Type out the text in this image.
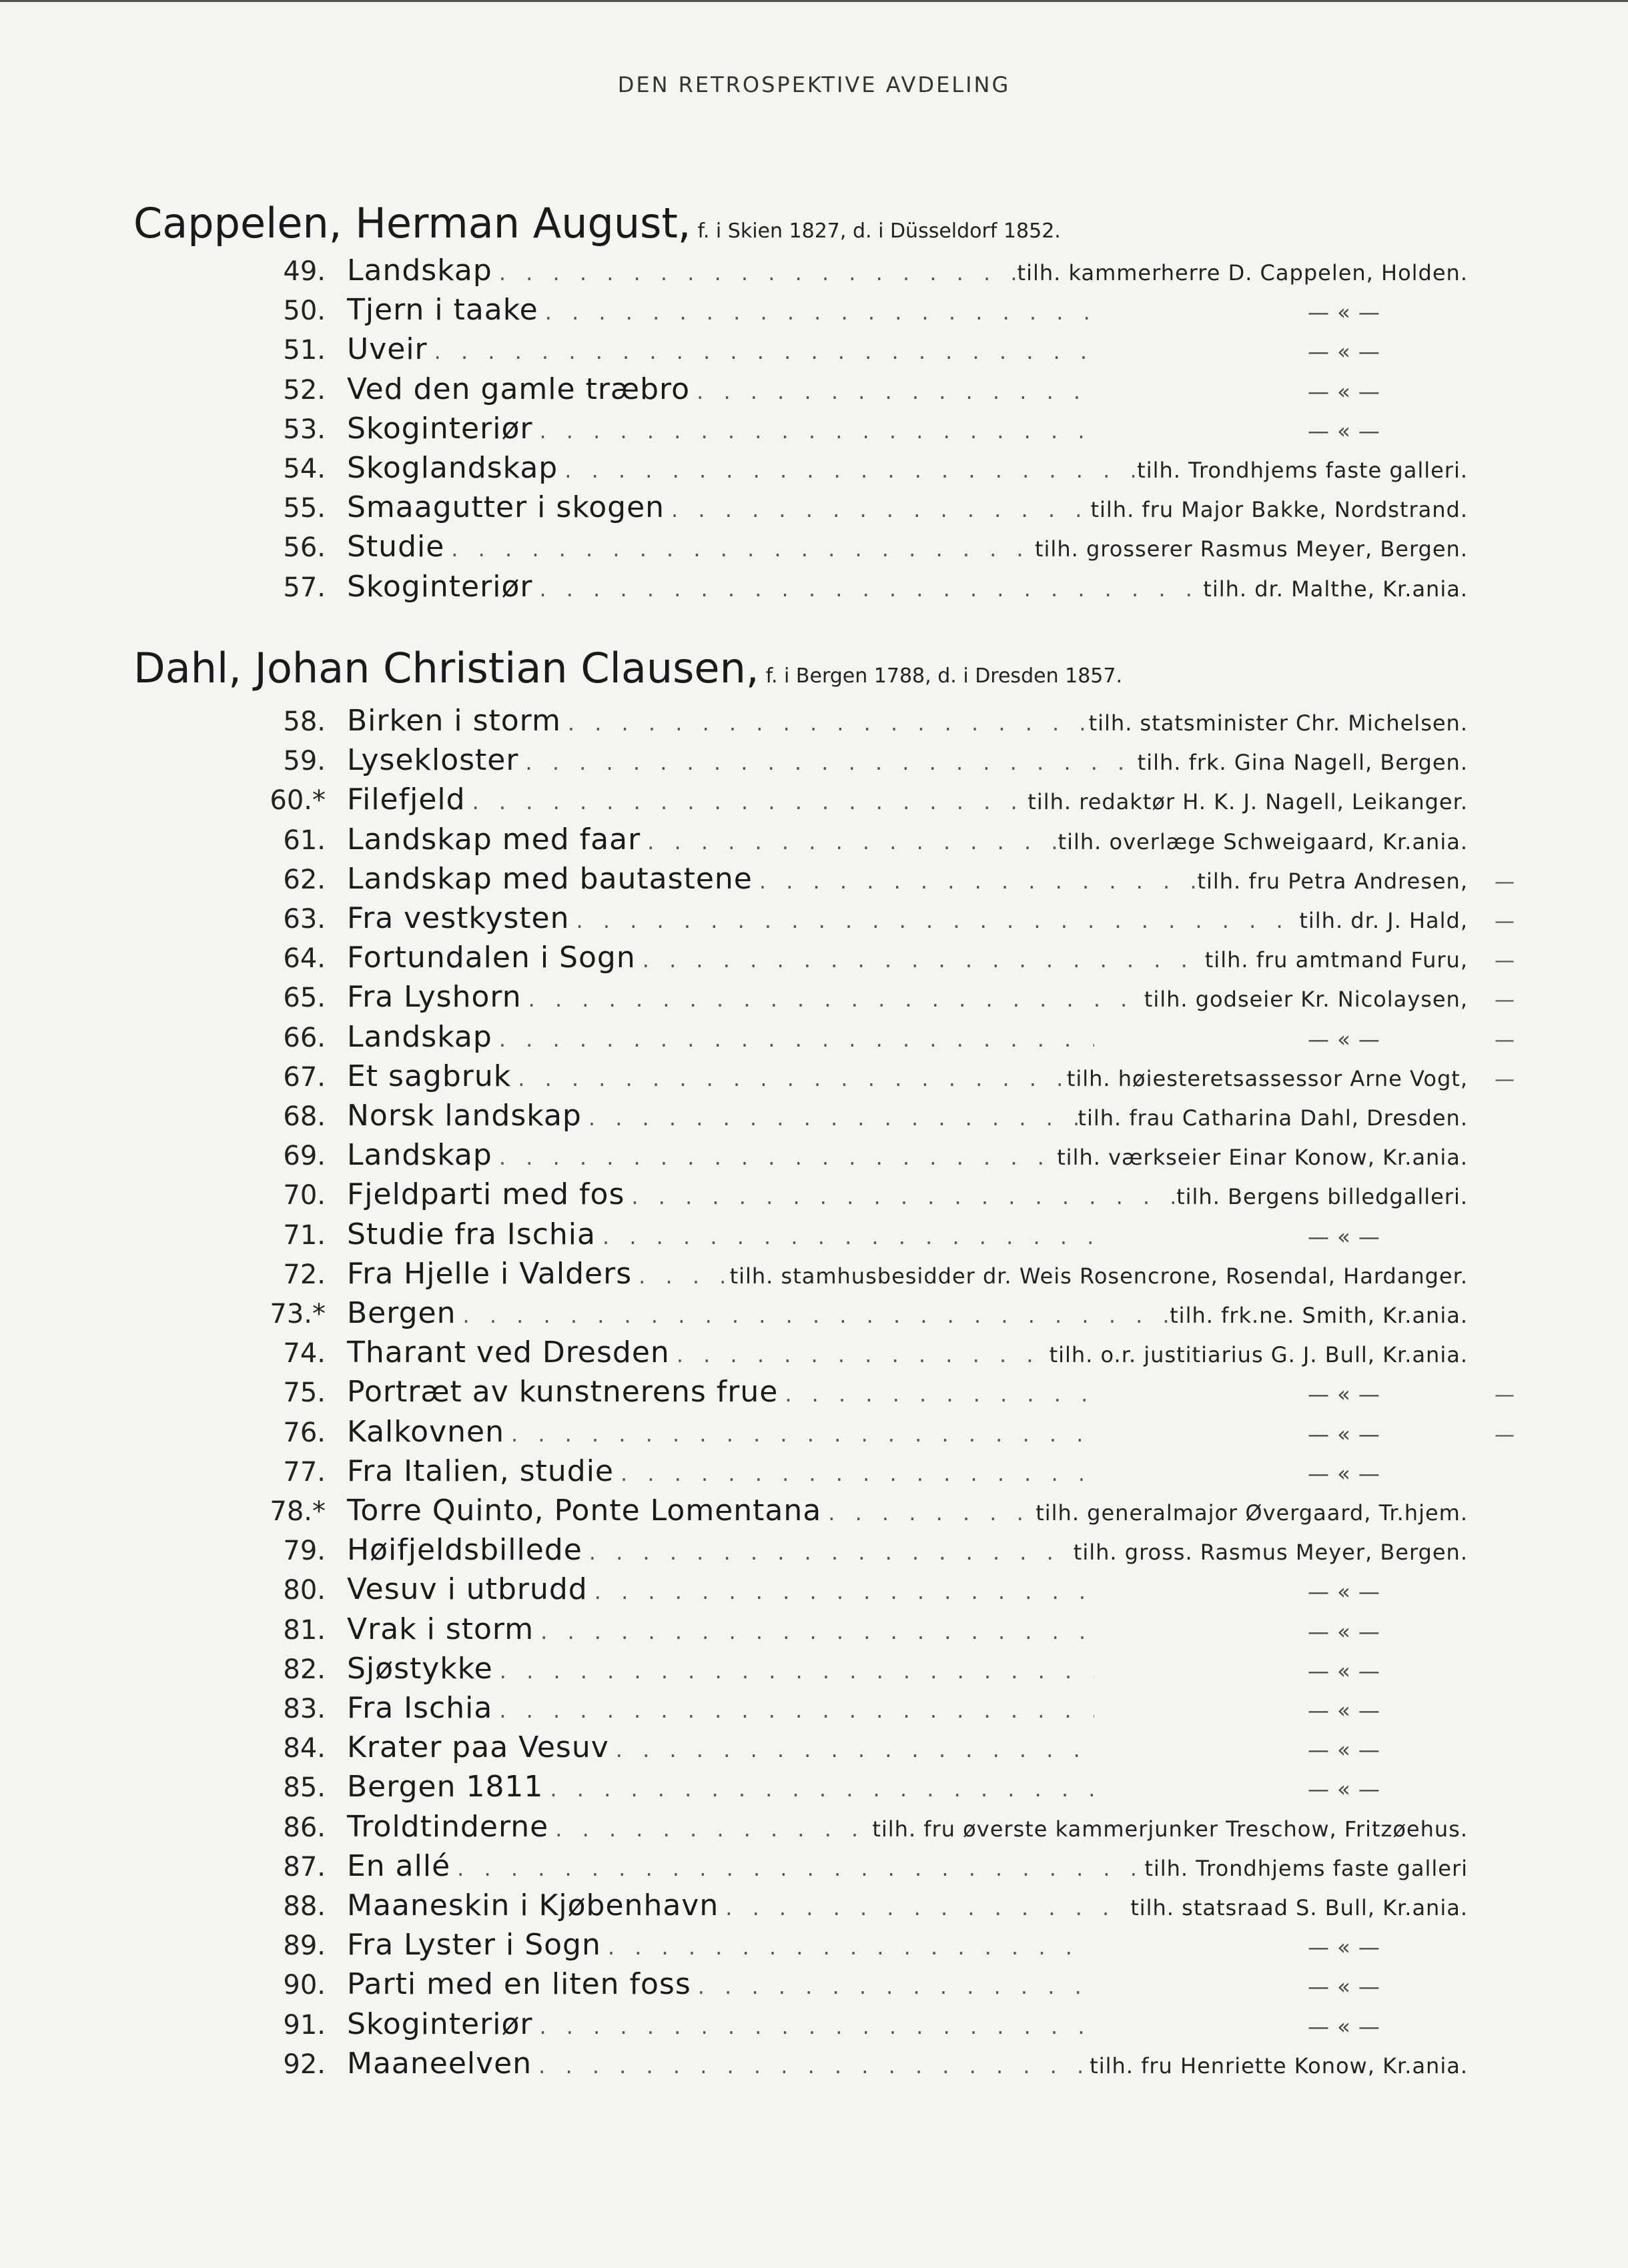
DEN RETROSPEKTIVE AVDELING
Cappelen, Herman August, f. i Skien 1827, d. i Düsseldorf 1852.
49. Landskap . . .	tilh. kammerherre D. Cappelen, Holden.
50. Tjern i taake . . .	— « —
51. Uveir . . .	— « —
52. Ved den gamle træbro . . .	— « —
53. Skoginteriør . . .	— « —
54. Skoglandskap . . .	tilh. Trondhjems faste galleri.
55. Smaagutter i skogen . . .	tilh. fru Major Bakke, Nordstrand.
56. Studie . . .	tilh. grosserer Rasmus Meyer, Bergen.
57. Skoginteriør . . .	tilh. dr. Malthe, Kr.ania.
Dahl, Johan Christian Clausen, f. i Bergen 1788, d. i Dresden 1857.
58. Birken i storm . . .	tilh. statsminister Chr. Michelsen.
59. Lysekloster . . .	tilh. frk. Gina Nagell, Bergen.
60.* Filefjeld . . .	tilh. redaktør H. K. J. Nagell, Leikanger.
61. Landskap med faar . . .	tilh. overlæge Schweigaard, Kr.ania.
62. Landskap med bautastene . . .	tilh. fru Petra Andresen,	—
63. Fra vestkysten . . .	tilh. dr. J. Hald,	—
64. Fortundalen i Sogn . . .	tilh. fru amtmand Furu,	—
65. Fra Lyshorn . . .	tilh. godseier Kr. Nicolaysen,	—
66. Landskap . . .	— « —	—
67. Et sagbruk . . .	tilh. høiesteretsassessor Arne Vogt,	—
68. Norsk landskap . . .	tilh. frau Catharina Dahl, Dresden.
69. Landskap . . .	tilh. værkseier Einar Konow, Kr.ania.
70. Fjeldparti med fos . . .	tilh. Bergens billedgalleri.
71. Studie fra Ischia . . .	— « —
72. Fra Hjelle i Valders . . .	tilh. stamhusbesidder dr. Weis Rosencrone, Rosendal, Hardanger.
73.* Bergen . . .	tilh. frk.ne. Smith, Kr.ania.
74. Tharant ved Dresden . . .	tilh. o.r. justitiarius G. J. Bull, Kr.ania.
75. Portræt av kunstnerens frue . . .	— « —	—
76. Kalkovnen . . .	— « —	—
77. Fra Italien, studie . . .	— « —
78.* Torre Quinto, Ponte Lomentana . . .	tilh. generalmajor Øvergaard, Tr.hjem.
79. Høifjeldsbillede . . .	tilh. gross. Rasmus Meyer, Bergen.
80. Vesuv i utbrudd . . .	— « —
81. Vrak i storm . . .	— « —
82. Sjøstykke . . .	— « —
83. Fra Ischia . . .	— « —
84. Krater paa Vesuv . . .	— « —
85. Bergen 1811 . . .	— « —
86. Troldtinderne . . .	tilh. fru øverste kammerjunker Treschow, Fritzøehus.
87. En allé . . .	tilh. Trondhjems faste galleri
88. Maaneskin i Kjøbenhavn . . .	tilh. statsraad S. Bull, Kr.ania.
89. Fra Lyster i Sogn . . .	— « —
90. Parti med en liten foss . . .	— « —
91. Skoginteriør . . .	— « —
92. Maaneelven . . .	tilh. fru Henriette Konow, Kr.ania.
